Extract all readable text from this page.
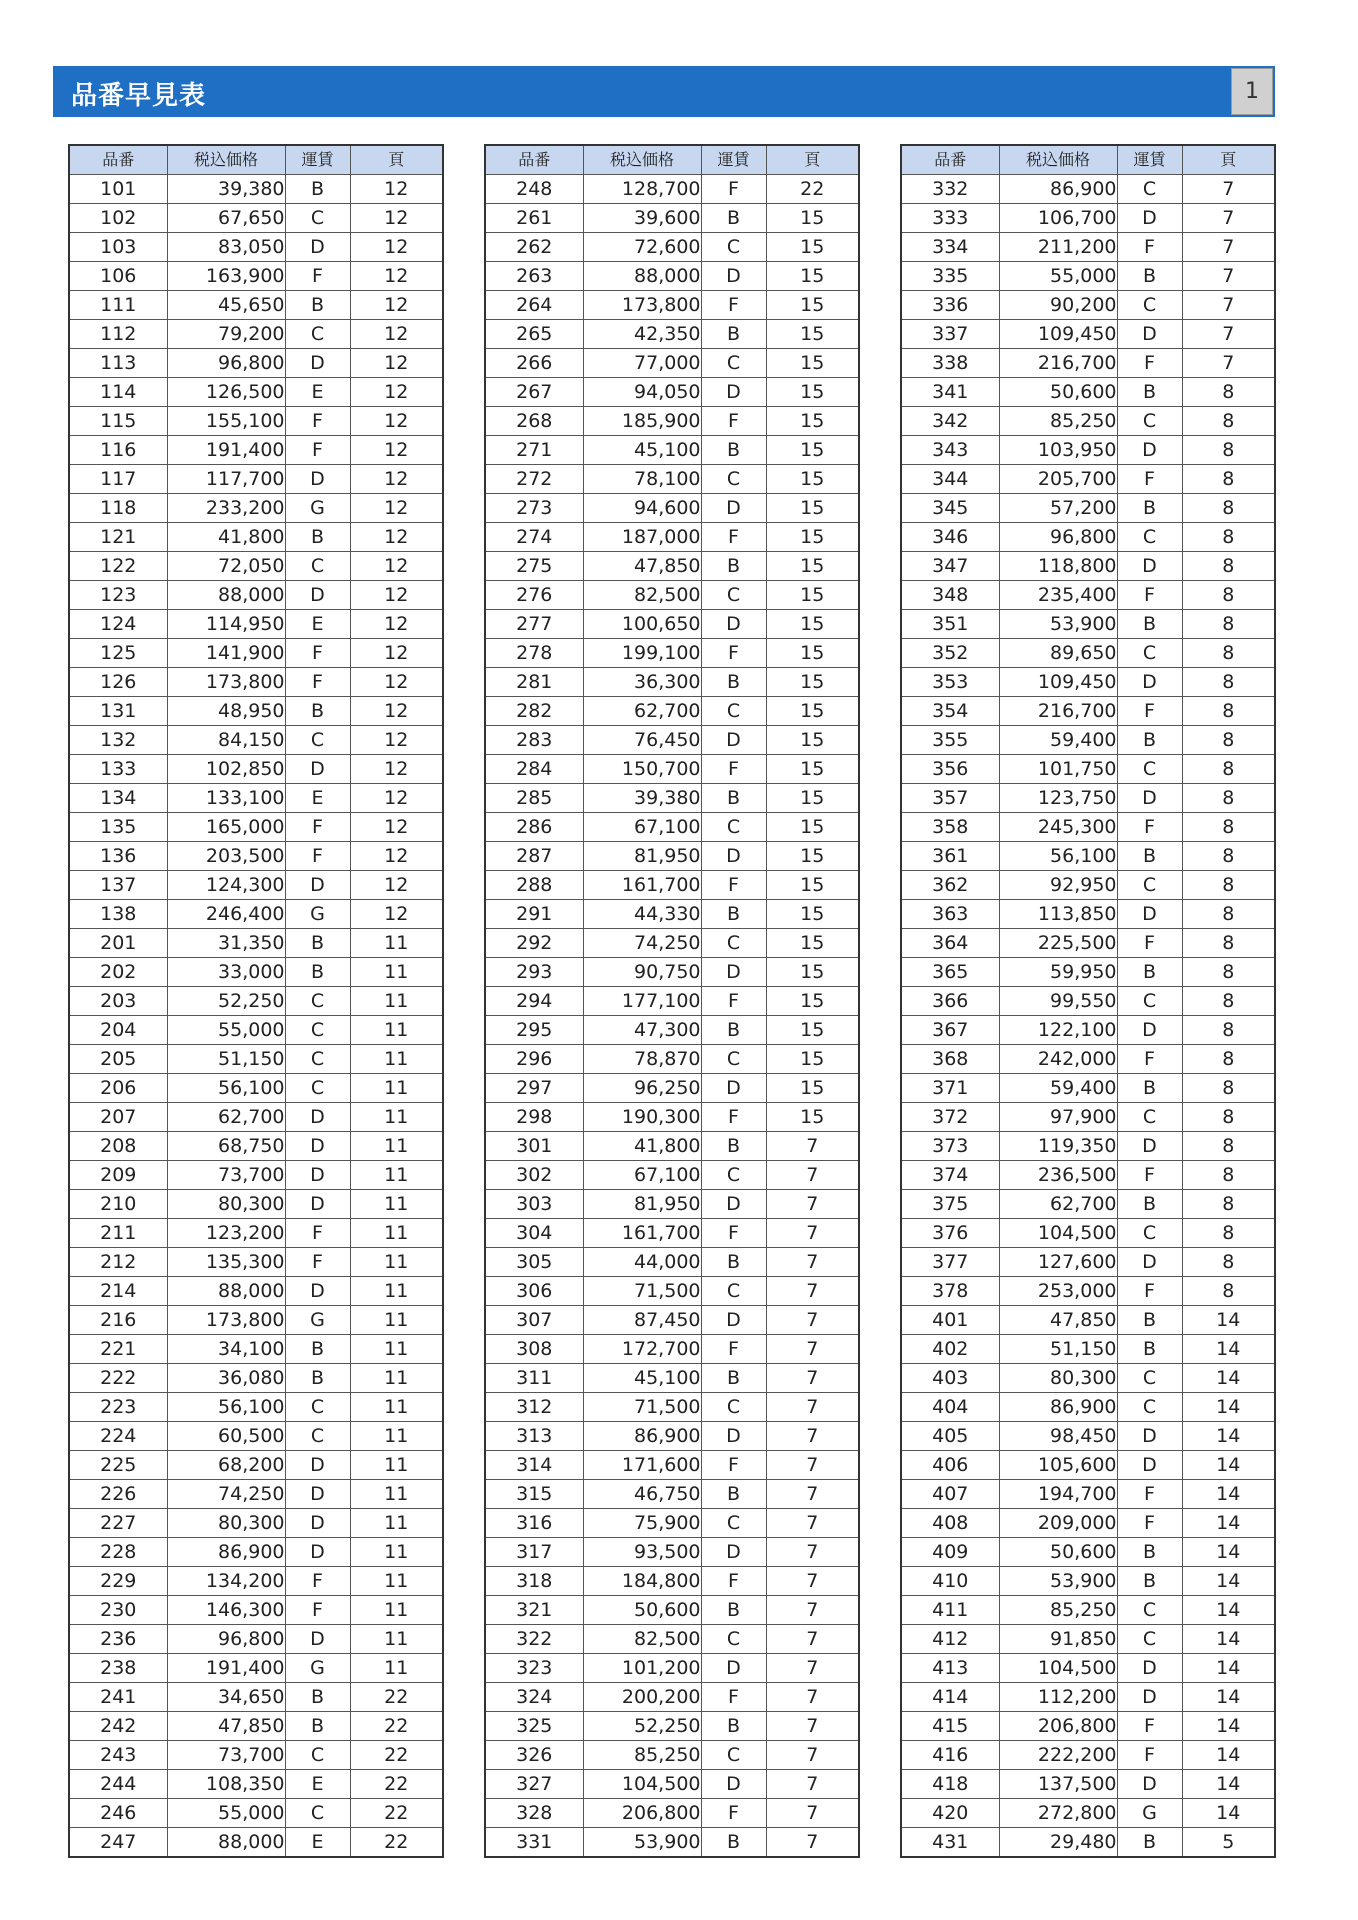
品番早見表	1
品番	税込価格	運賃	頁
101	39,380	B	12
102	67,650	C	12
103	83,050	D	12
106	163,900	F	12
111	45,650	B	12
112	79,200	C	12
113	96,800	D	12
114	126,500	E	12
115	155,100	F	12
116	191,400	F	12
117	117,700	D	12
118	233,200	G	12
121	41,800	B	12
122	72,050	C	12
123	88,000	D	12
124	114,950	E	12
125	141,900	F	12
126	173,800	F	12
131	48,950	B	12
132	84,150	C	12
133	102,850	D	12
134	133,100	E	12
135	165,000	F	12
136	203,500	F	12
137	124,300	D	12
138	246,400	G	12
201	31,350	B	11
202	33,000	B	11
203	52,250	C	11
204	55,000	C	11
205	51,150	C	11
206	56,100	C	11
207	62,700	D	11
208	68,750	D	11
209	73,700	D	11
210	80,300	D	11
211	123,200	F	11
212	135,300	F	11
214	88,000	D	11
216	173,800	G	11
221	34,100	B	11
222	36,080	B	11
223	56,100	C	11
224	60,500	C	11
225	68,200	D	11
226	74,250	D	11
227	80,300	D	11
228	86,900	D	11
229	134,200	F	11
230	146,300	F	11
236	96,800	D	11
238	191,400	G	11
241	34,650	B	22
242	47,850	B	22
243	73,700	C	22
244	108,350	E	22
246	55,000	C	22
247	88,000	E	22
品番	税込価格	運賃	頁
248	128,700	F	22
261	39,600	B	15
262	72,600	C	15
263	88,000	D	15
264	173,800	F	15
265	42,350	B	15
266	77,000	C	15
267	94,050	D	15
268	185,900	F	15
271	45,100	B	15
272	78,100	C	15
273	94,600	D	15
274	187,000	F	15
275	47,850	B	15
276	82,500	C	15
277	100,650	D	15
278	199,100	F	15
281	36,300	B	15
282	62,700	C	15
283	76,450	D	15
284	150,700	F	15
285	39,380	B	15
286	67,100	C	15
287	81,950	D	15
288	161,700	F	15
291	44,330	B	15
292	74,250	C	15
293	90,750	D	15
294	177,100	F	15
295	47,300	B	15
296	78,870	C	15
297	96,250	D	15
298	190,300	F	15
301	41,800	B	7
302	67,100	C	7
303	81,950	D	7
304	161,700	F	7
305	44,000	B	7
306	71,500	C	7
307	87,450	D	7
308	172,700	F	7
311	45,100	B	7
312	71,500	C	7
313	86,900	D	7
314	171,600	F	7
315	46,750	B	7
316	75,900	C	7
317	93,500	D	7
318	184,800	F	7
321	50,600	B	7
322	82,500	C	7
323	101,200	D	7
324	200,200	F	7
325	52,250	B	7
326	85,250	C	7
327	104,500	D	7
328	206,800	F	7
331	53,900	B	7
品番	税込価格	運賃	頁
332	86,900	C	7
333	106,700	D	7
334	211,200	F	7
335	55,000	B	7
336	90,200	C	7
337	109,450	D	7
338	216,700	F	7
341	50,600	B	8
342	85,250	C	8
343	103,950	D	8
344	205,700	F	8
345	57,200	B	8
346	96,800	C	8
347	118,800	D	8
348	235,400	F	8
351	53,900	B	8
352	89,650	C	8
353	109,450	D	8
354	216,700	F	8
355	59,400	B	8
356	101,750	C	8
357	123,750	D	8
358	245,300	F	8
361	56,100	B	8
362	92,950	C	8
363	113,850	D	8
364	225,500	F	8
365	59,950	B	8
366	99,550	C	8
367	122,100	D	8
368	242,000	F	8
371	59,400	B	8
372	97,900	C	8
373	119,350	D	8
374	236,500	F	8
375	62,700	B	8
376	104,500	C	8
377	127,600	D	8
378	253,000	F	8
401	47,850	B	14
402	51,150	B	14
403	80,300	C	14
404	86,900	C	14
405	98,450	D	14
406	105,600	D	14
407	194,700	F	14
408	209,000	F	14
409	50,600	B	14
410	53,900	B	14
411	85,250	C	14
412	91,850	C	14
413	104,500	D	14
414	112,200	D	14
415	206,800	F	14
416	222,200	F	14
418	137,500	D	14
420	272,800	G	14
431	29,480	B	5
